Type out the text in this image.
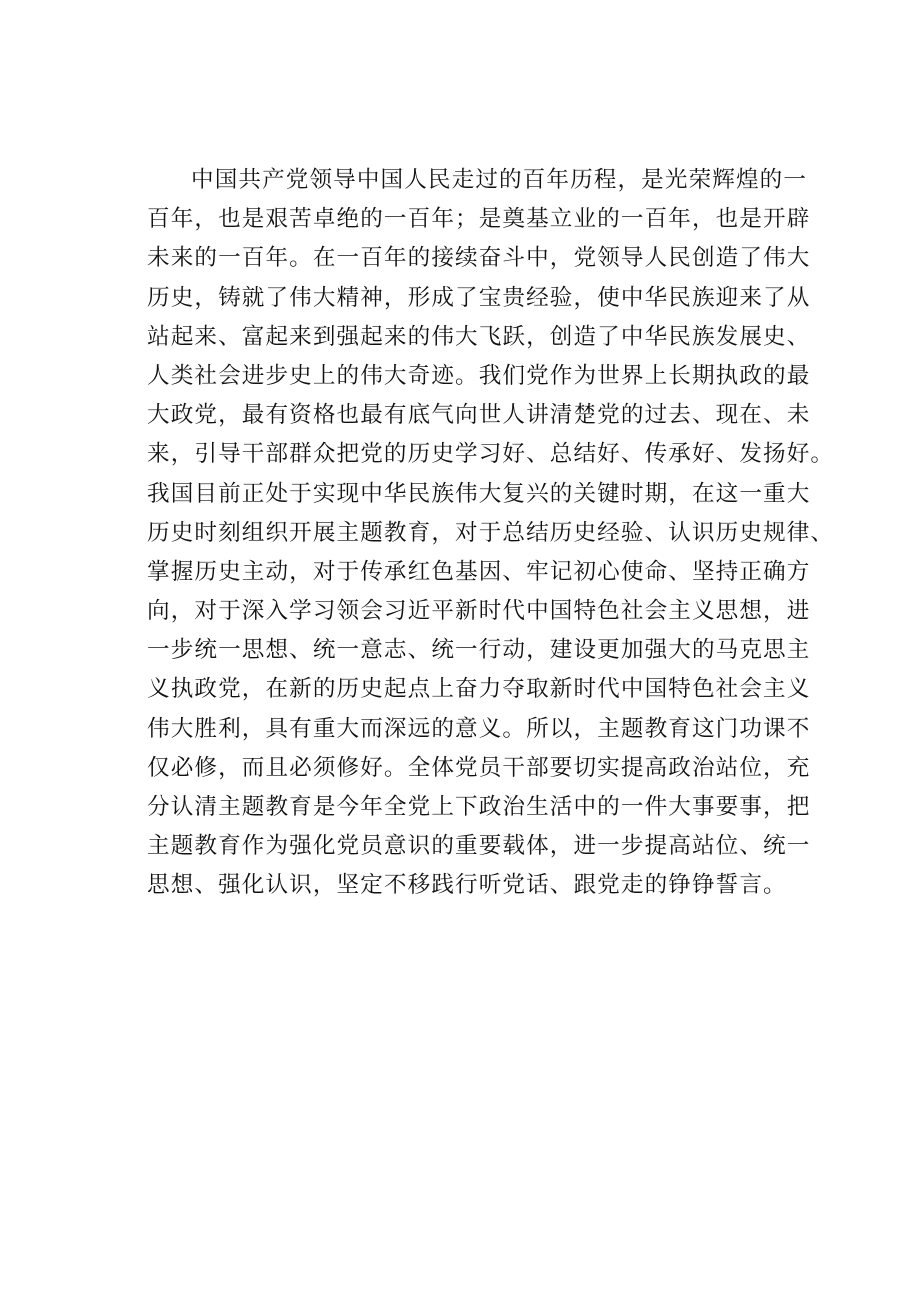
中国共产党领导中国人民走过的百年历程，是光荣辉煌的一
百年，也是艰苦卓绝的一百年；是奠基立业的一百年，也是开辟
未来的一百年。在一百年的接续奋斗中，党领导人民创造了伟大
历史，铸就了伟大精神，形成了宝贵经验，使中华民族迎来了从
站起来、富起来到强起来的伟大飞跃，创造了中华民族发展史、
人类社会进步史上的伟大奇迹。我们党作为世界上长期执政的最
大政党，最有资格也最有底气向世人讲清楚党的过去、现在、未
来，引导干部群众把党的历史学习好、总结好、传承好、发扬好。
我国目前正处于实现中华民族伟大复兴的关键时期，在这一重大
历史时刻组织开展主题教育，对于总结历史经验、认识历史规律、
掌握历史主动，对于传承红色基因、牢记初心使命、坚持正确方
向，对于深入学习领会习近平新时代中国特色社会主义思想，进
一步统一思想、统一意志、统一行动，建设更加强大的马克思主
义执政党，在新的历史起点上奋力夺取新时代中国特色社会主义
伟大胜利，具有重大而深远的意义。所以，主题教育这门功课不
仅必修，而且必须修好。全体党员干部要切实提高政治站位，充
分认清主题教育是今年全党上下政治生活中的一件大事要事，把
主题教育作为强化党员意识的重要载体，进一步提高站位、统一
思想、强化认识，坚定不移践行听党话、跟党走的铮铮誓言。
